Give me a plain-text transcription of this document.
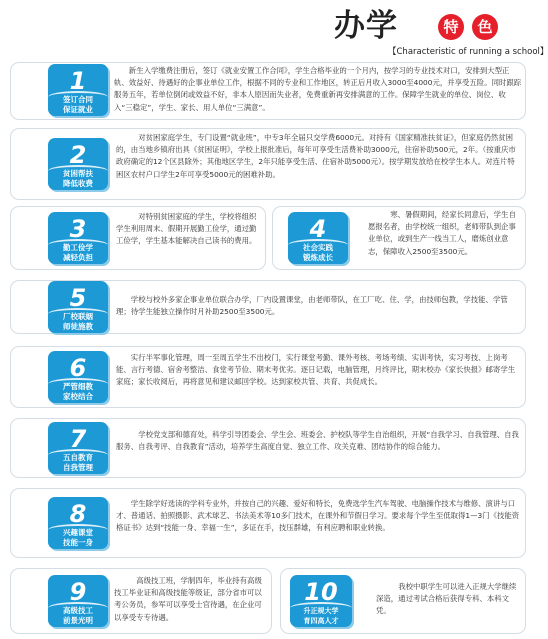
办学	特	色
【Characteristic of running a school】
1
签订合同
保证就业
新生入学缴费注册后，签订《就业安置工作合同》，学生合格毕业的一个月内，按学习的专业技术对口，安排到大型正轨、效益好、待遇好的企事业单位工作，根据不同的专业和工作地区，转正后月收入3000至4000元，并享受五险。同时跟踪服务五年，若单位倒闭或效益不好，非本人原因而失业者，免费重新再安排满意的工作。保障学生就业的单位、岗位、收入“三稳定”，学生、家长、用人单位“三满意”。
2
贫困帮扶
降低收费
对贫困家庭学生，专门设置“就业班”，中专3年全届只交学费6000元。对持有《国家精准扶贫证》，但家庭仍然贫困的，由当地乡镇府出具《贫困证明》，学校上报批准后，每年可享受生活费补助3000元，住宿补助500元，2年。（按重庆市政府确定的12个区县除外；其他地区学生，2年只能享受生活、住宿补助5000元）。按学期发放给在校学生本人。对连片特困区农村户口学生2年可享受5000元的困难补助。
3
勤工俭学
减轻负担
对特别贫困家庭的学生，学校将组织学生利用周末、假期开展勤工俭学，通过勤工俭学，学生基本能解决自己读书的费用。	4
社会实践
锻炼成长
寒、暑假期间，经家长同意后，学生自愿报名者，由学校统一组织，老师带队到企事业单位，或到生产一线当工人，磨炼创业意志，保障收入2500至3500元。
5
厂校联姻
师徒施教
学校与校外多家企事业单位联合办学，厂内设置课堂，由老师带队，在工厂吃、住、学，由技师包教，学技能、学管理；待学生能独立操作时月补助2500至3500元。
6
严管细教
家校结合
实行半军事化管理，周一至周五学生不出校门，实行课堂考勤、课外考核、考场考绩、实训考快，实习考技、上岗考能、言行考德、宿舍考整洁、食堂考节俭、期末考优劣。逐日记载，电脑管理，月终评比，期末校办《家长快报》邮寄学生家庭；家长收阅后，再将意见和建议邮回学校。达到家校共管、共育、共促成长。
7
五自教育
自我管理
学校党支部和德育处，科学引导团委会、学生会、班委会、护校队等学生自治组织，开展“自我学习、自我管理、自我服务、自我考评、自我教育”活动，培养学生高度自觉、独立工作、攻关克难、团结协作的综合能力。
8
兴趣课堂
技能一身
学生除学好选读的学科专业外，并按自己的兴趣、爱好和特长，免费选学生汽车驾驶、电脑操作技术与维修、演讲与口才、普通话、拍照摄影、武术球艺、书法美术等10多门技术，在课外和节假日学习。要求每个学生至低取得1—3门《技能资格证书》达到“技能一身、幸福一生”，多证在手，技压群雄，有利应聘和职业转换。
9
高级技工
前景光明
高级技工班，学制四年，毕业持有高级技工毕业证和高级技能等级证，部分省市可以考公务员，参军可以享受士官待遇，在企业可以享受专专待遇。
10
升正规大学
育四高人才
我校中职学生可以进入正规大学继续深造，通过考试合格后获得专科、本科文凭。
